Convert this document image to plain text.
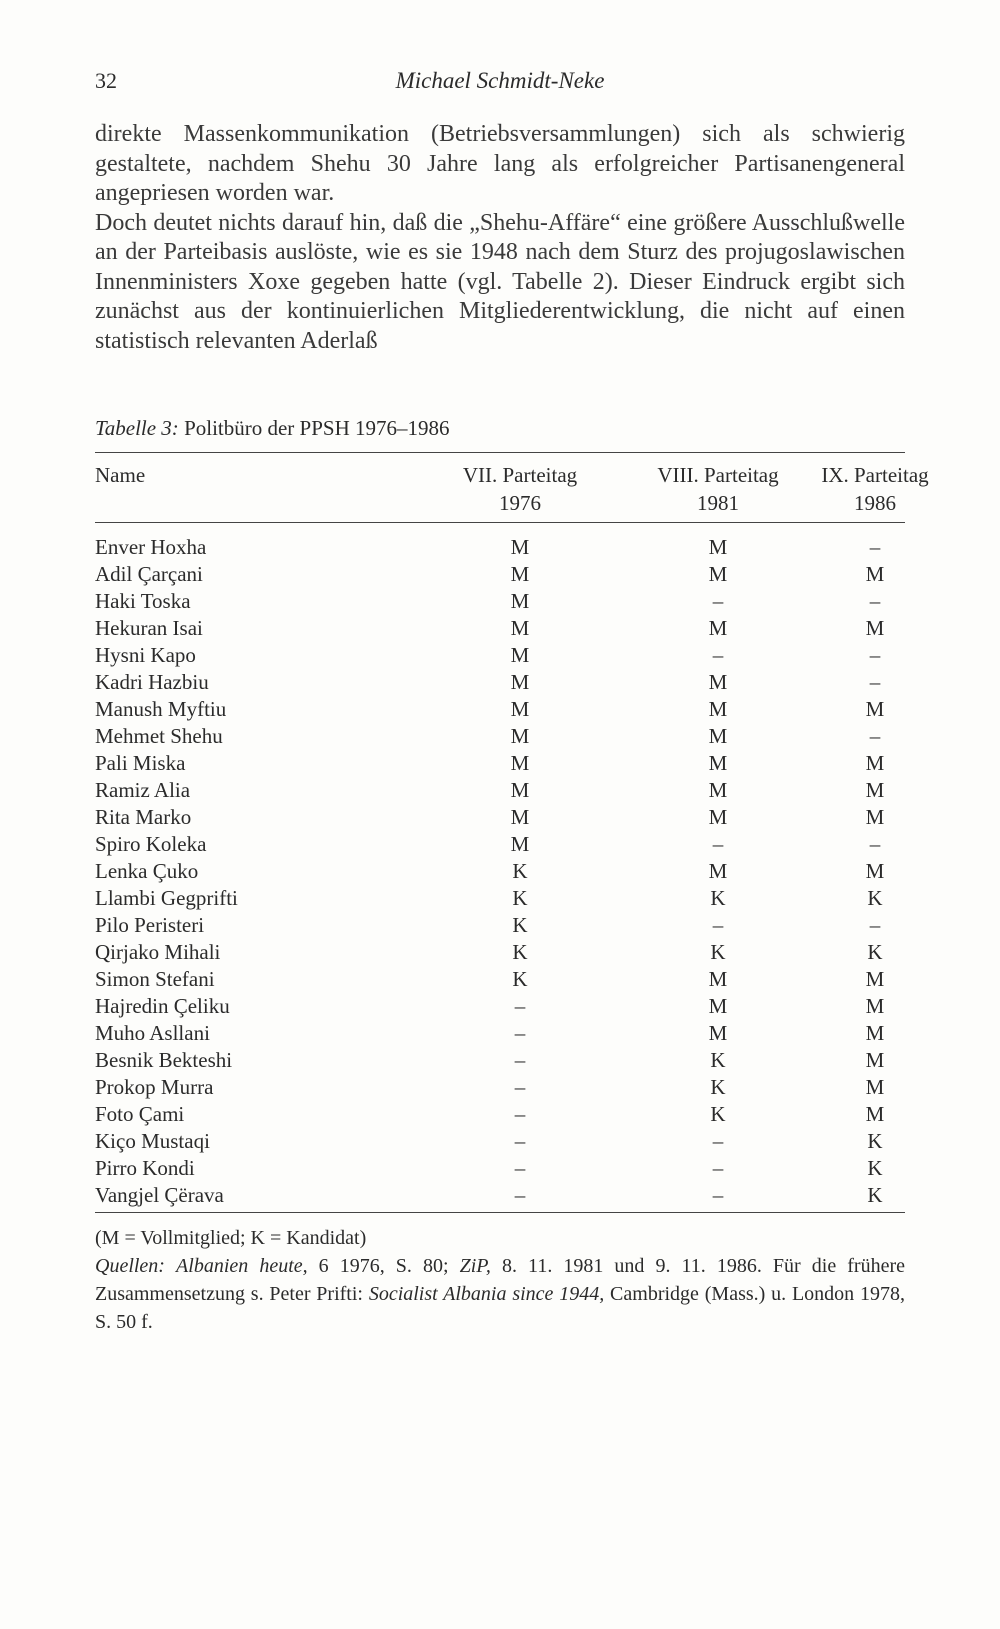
32	Michael Schmidt-Neke

direkte Massenkommunikation (Betriebsversammlungen) sich als schwierig gestaltete, nachdem Shehu 30 Jahre lang als erfolgreicher Partisanengeneral angepriesen worden war.

Doch deutet nichts darauf hin, daß die „Shehu-Affäre“ eine größere Ausschlußwelle an der Parteibasis auslöste, wie es sie 1948 nach dem Sturz des projugoslawischen Innenministers Xoxe gegeben hatte (vgl. Tabelle 2). Dieser Eindruck ergibt sich zunächst aus der kontinuierlichen Mitgliederentwicklung, die nicht auf einen statistisch relevanten Aderlaß

Tabelle 3: Politbüro der PPSH 1976–1986
Name	VII. Parteitag	VIII. Parteitag	IX. Parteitag
1976	1981	1986
Enver Hoxha	M	M	–
Adil Çarçani	M	M	M
Haki Toska	M	–	–
Hekuran Isai	M	M	M
Hysni Kapo	M	–	–
Kadri Hazbiu	M	M	–
Manush Myftiu	M	M	M
Mehmet Shehu	M	M	–
Pali Miska	M	M	M
Ramiz Alia	M	M	M
Rita Marko	M	M	M
Spiro Koleka	M	–	–
Lenka Çuko	K	M	M
Llambi Gegprifti	K	K	K
Pilo Peristeri	K	–	–
Qirjako Mihali	K	K	K
Simon Stefani	K	M	M
Hajredin Çeliku	–	M	M
Muho Asllani	–	M	M
Besnik Bekteshi	–	K	M
Prokop Murra	–	K	M
Foto Çami	–	K	M
Kiço Mustaqi	–	–	K
Pirro Kondi	–	–	K
Vangjel Çërava	–	–	K

(M = Vollmitglied; K = Kandidat)

Quellen: Albanien heute, 6 1976, S. 80; ZiP, 8. 11. 1981 und 9. 11. 1986. Für die frühere Zusammensetzung s. Peter Prifti: Socialist Albania since 1944, Cambridge (Mass.) u. London 1978, S. 50 f.
